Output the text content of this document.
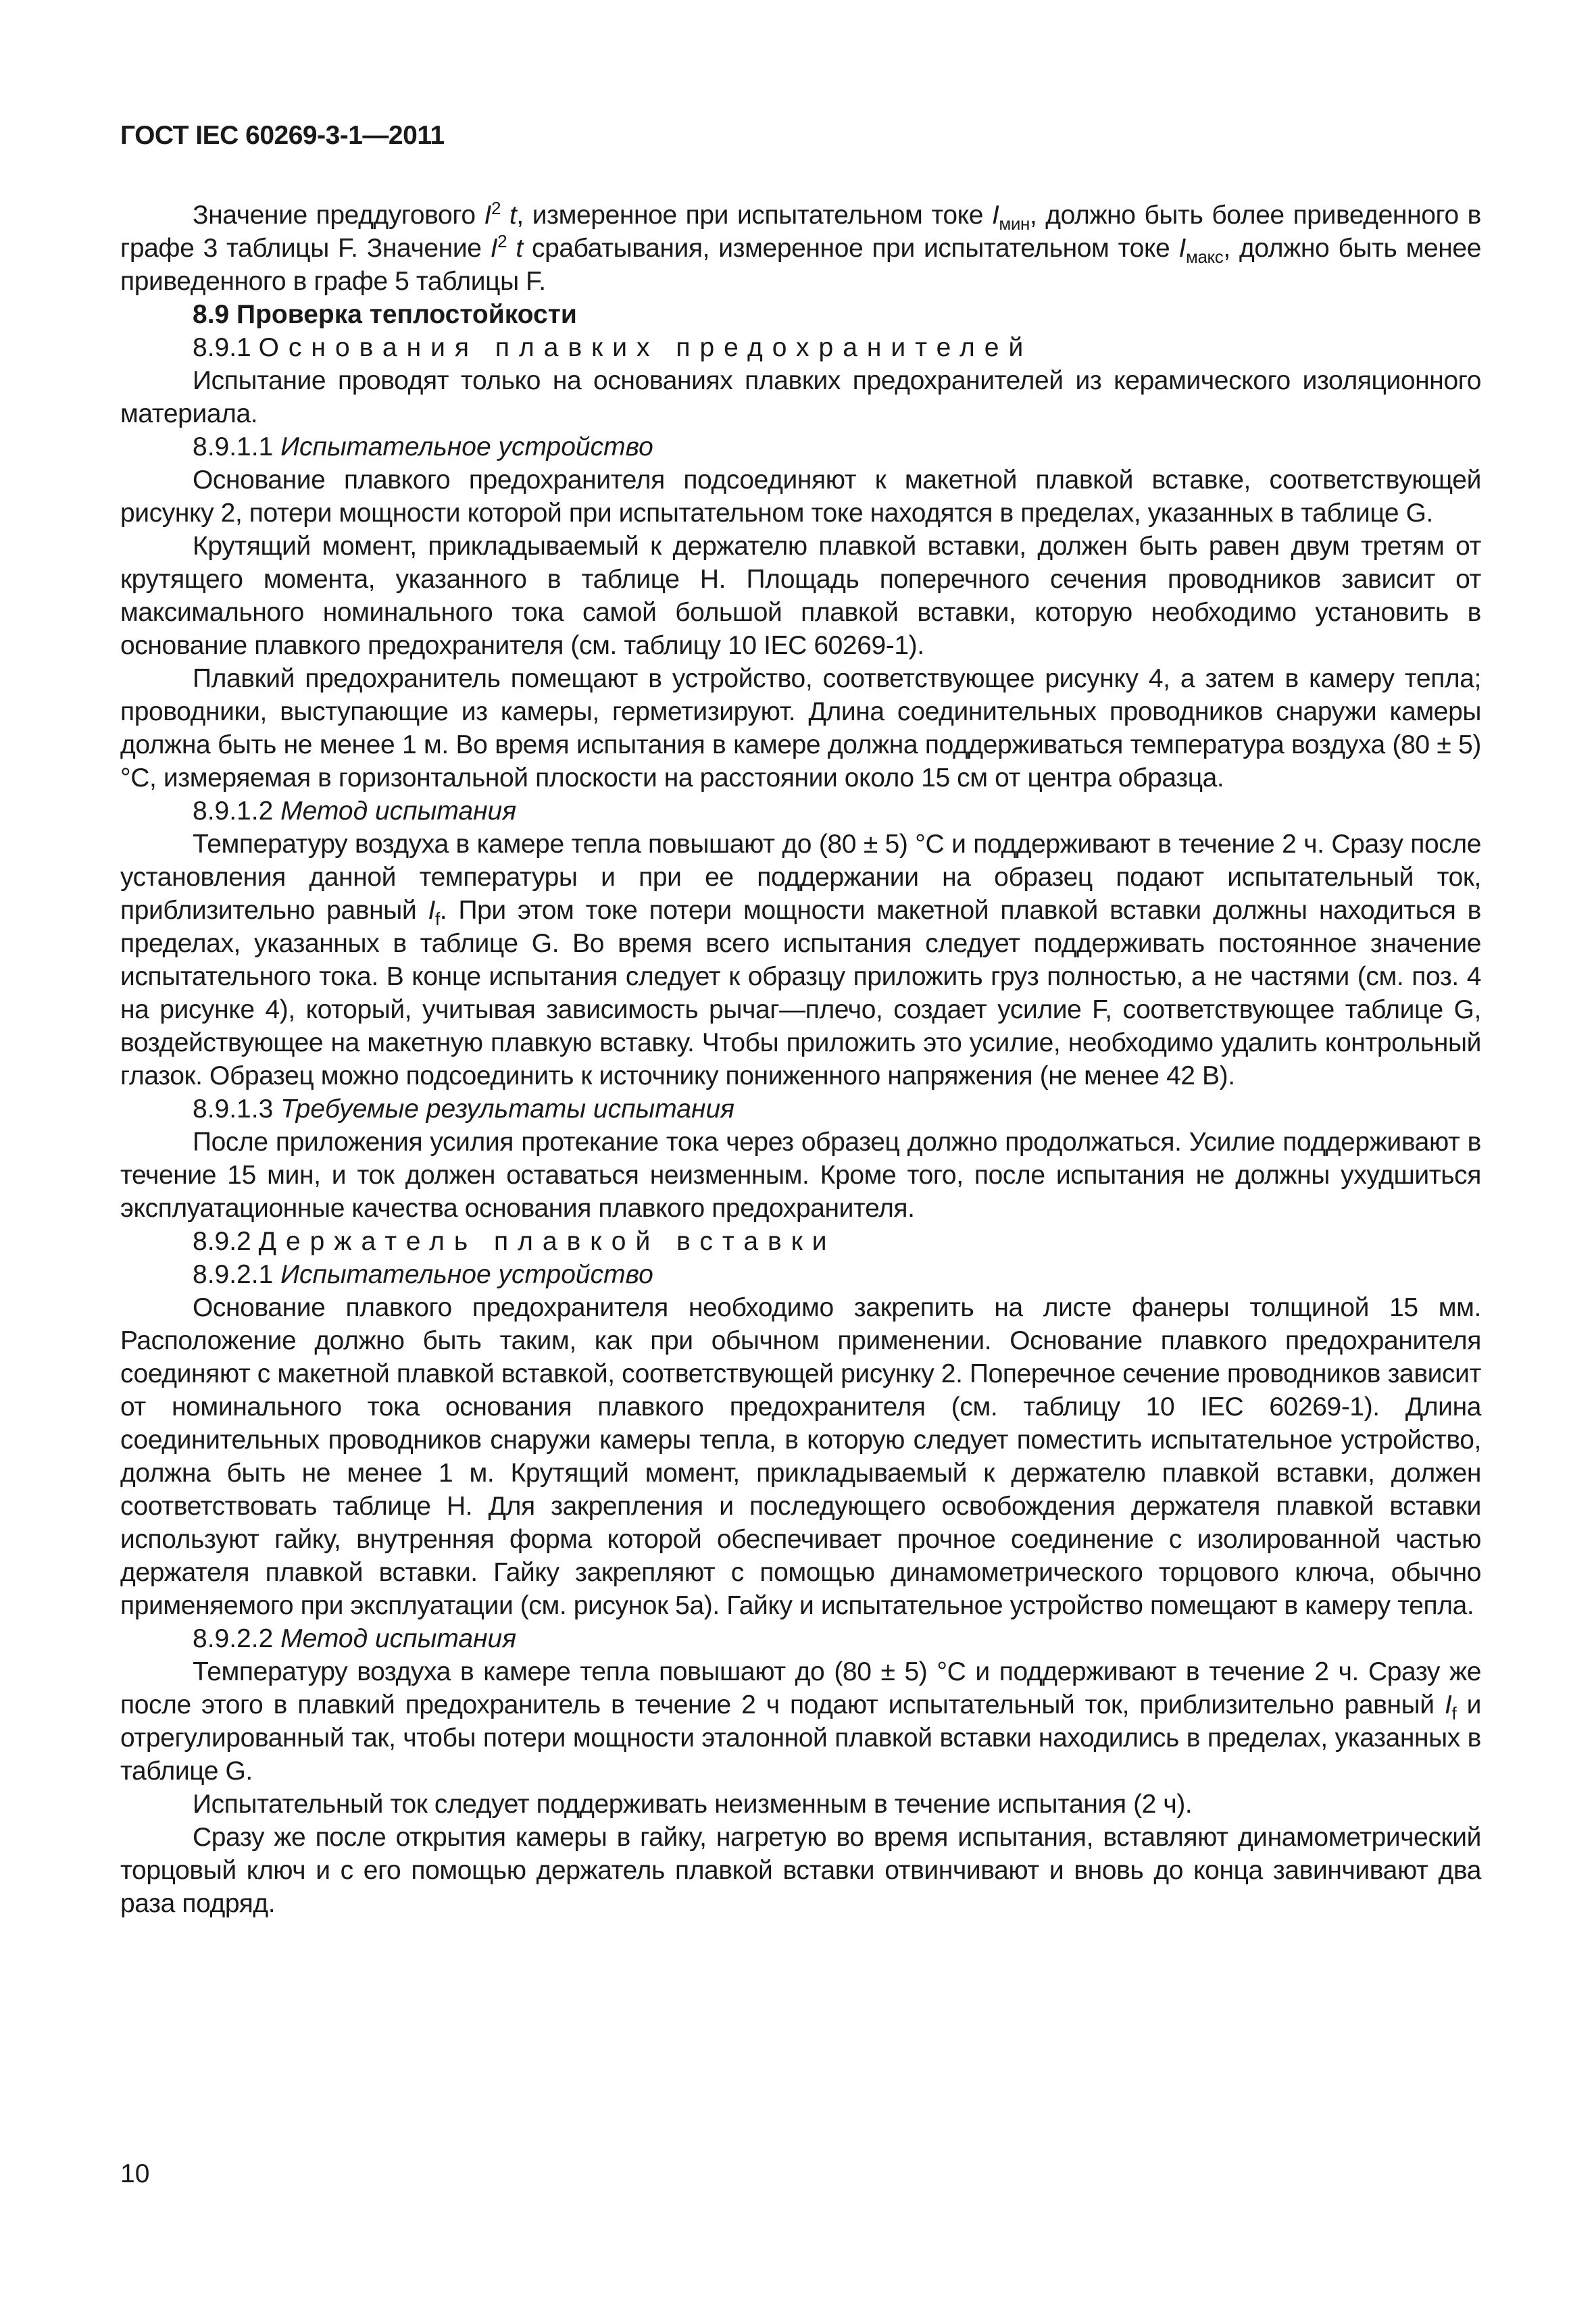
ГОСТ IEC 60269-3-1—2011

Значение преддугового $I^2$ t, измеренное при испытательном токе $I_{мин}$, должно быть более приведенного в графе 3 таблицы F. Значение $I^2$ t срабатывания, измеренное при испытательном токе $I_{макс}$, должно быть менее приведенного в графе 5 таблицы F.

8.9 Проверка теплостойкости

8.9.1 Основания плавких предохранителей

Испытание проводят только на основаниях плавких предохранителей из керамического изоляционного материала.

8.9.1.1 Испытательное устройство

Основание плавкого предохранителя подсоединяют к макетной плавкой вставке, соответствующей рисунку 2, потери мощности которой при испытательном токе находятся в пределах, указанных в таблице G.

Крутящий момент, прикладываемый к держателю плавкой вставки, должен быть равен двум третям от крутящего момента, указанного в таблице H. Площадь поперечного сечения проводников зависит от максимального номинального тока самой большой плавкой вставки, которую необходимо установить в основание плавкого предохранителя (см. таблицу 10 IEC 60269-1).

Плавкий предохранитель помещают в устройство, соответствующее рисунку 4, а затем в камеру тепла; проводники, выступающие из камеры, герметизируют. Длина соединительных проводников снаружи камеры должна быть не менее 1 м. Во время испытания в камере должна поддерживаться температура воздуха (80 ± 5) °С, измеряемая в горизонтальной плоскости на расстоянии около 15 см от центра образца.

8.9.1.2 Метод испытания

Температуру воздуха в камере тепла повышают до (80 ± 5) °С и поддерживают в течение 2 ч. Сразу после установления данной температуры и при ее поддержании на образец подают испытательный ток, приблизительно равный $I_f$. При этом токе потери мощности макетной плавкой вставки должны находиться в пределах, указанных в таблице G. Во время всего испытания следует поддерживать постоянное значение испытательного тока. В конце испытания следует к образцу приложить груз полностью, а не частями (см. поз. 4 на рисунке 4), который, учитывая зависимость рычаг—плечо, создает усилие F, соответствующее таблице G, воздействующее на макетную плавкую вставку. Чтобы приложить это усилие, необходимо удалить контрольный глазок. Образец можно подсоединить к источнику пониженного напряжения (не менее 42 В).

8.9.1.3 Требуемые результаты испытания

После приложения усилия протекание тока через образец должно продолжаться. Усилие поддерживают в течение 15 мин, и ток должен оставаться неизменным. Кроме того, после испытания не должны ухудшиться эксплуатационные качества основания плавкого предохранителя.

8.9.2 Держатель плавкой вставки

8.9.2.1 Испытательное устройство

Основание плавкого предохранителя необходимо закрепить на листе фанеры толщиной 15 мм. Расположение должно быть таким, как при обычном применении. Основание плавкого предохранителя соединяют с макетной плавкой вставкой, соответствующей рисунку 2. Поперечное сечение проводников зависит от номинального тока основания плавкого предохранителя (см. таблицу 10 IEC 60269-1). Длина соединительных проводников снаружи камеры тепла, в которую следует поместить испытательное устройство, должна быть не менее 1 м. Крутящий момент, прикладываемый к держателю плавкой вставки, должен соответствовать таблице H. Для закрепления и последующего освобождения держателя плавкой вставки используют гайку, внутренняя форма которой обеспечивает прочное соединение с изолированной частью держателя плавкой вставки. Гайку закрепляют с помощью динамометрического торцового ключа, обычно применяемого при эксплуатации (см. рисунок 5а). Гайку и испытательное устройство помещают в камеру тепла.

8.9.2.2 Метод испытания

Температуру воздуха в камере тепла повышают до (80 ± 5) °С и поддерживают в течение 2 ч. Сразу же после этого в плавкий предохранитель в течение 2 ч подают испытательный ток, приблизительно равный $I_f$ и отрегулированный так, чтобы потери мощности эталонной плавкой вставки находились в пределах, указанных в таблице G.

Испытательный ток следует поддерживать неизменным в течение испытания (2 ч).

Сразу же после открытия камеры в гайку, нагретую во время испытания, вставляют динамометрический торцовый ключ и с его помощью держатель плавкой вставки отвинчивают и вновь до конца завинчивают два раза подряд.

10
